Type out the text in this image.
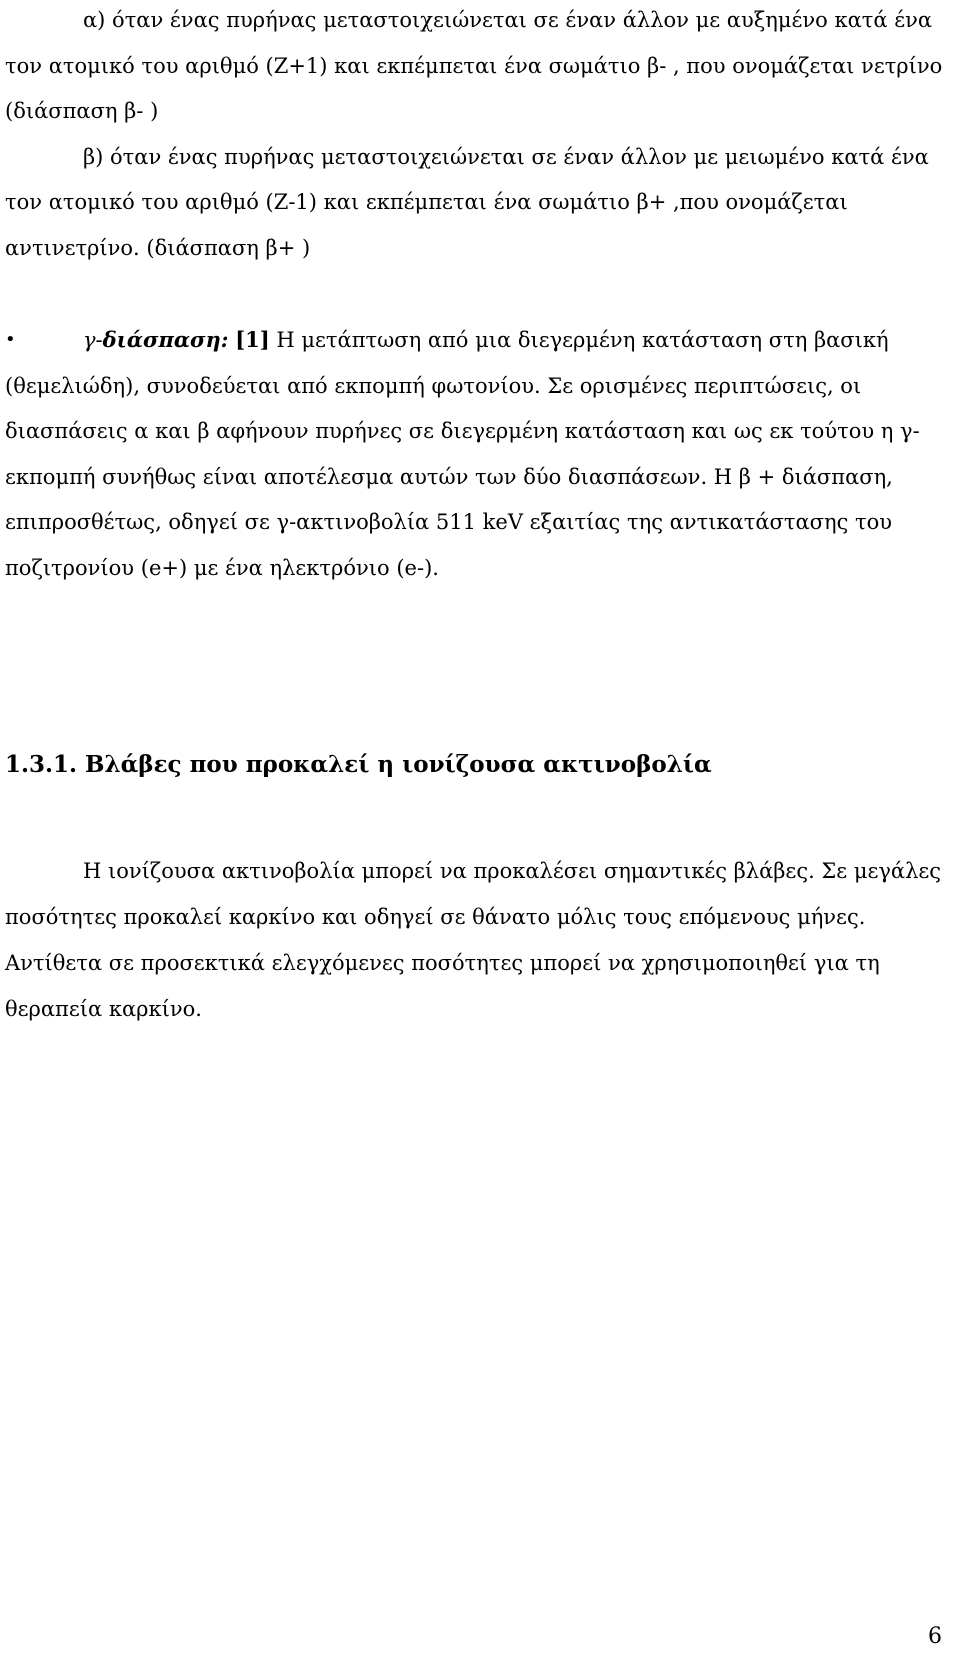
α) όταν ένας πυρήνας μεταστοιχειώνεται σε έναν άλλον με αυξημένο κατά ένα
τον ατομικό του αριθμό (Z+1) και εκπέμπεται ένα σωμάτιο β- , που ονομάζεται νετρίνο
(διάσπαση β- )
β) όταν ένας πυρήνας μεταστοιχειώνεται σε έναν άλλον με μειωμένο κατά ένα
τον ατομικό του αριθμό (Z-1) και εκπέμπεται ένα σωμάτιο β+ ,που ονομάζεται
αντινετρίνο. (διάσπαση β+ )
•	γ-διάσπαση: [1] Η μετάπτωση από μια διεγερμένη κατάσταση στη βασική
(θεμελιώδη), συνοδεύεται από εκπομπή φωτονίου. Σε ορισμένες περιπτώσεις, οι
διασπάσεις α και β αφήνουν πυρήνες σε διεγερμένη κατάσταση και ως εκ τούτου η γ-
εκπομπή συνήθως είναι αποτέλεσμα αυτών των δύο διασπάσεων. Η β + διάσπαση,
επιπροσθέτως, οδηγεί σε γ-ακτινοβολία 511 keV εξαιτίας της αντικατάστασης του
ποζιτρονίου (e+) με ένα ηλεκτρόνιο (e-).
1.3.1. Βλάβες που προκαλεί η ιονίζουσα ακτινοβολία
Η ιονίζουσα ακτινοβολία μπορεί να προκαλέσει σημαντικές βλάβες. Σε μεγάλες
ποσότητες προκαλεί καρκίνο και οδηγεί σε θάνατο μόλις τους επόμενους μήνες.
Αντίθετα σε προσεκτικά ελεγχόμενες ποσότητες μπορεί να χρησιμοποιηθεί για τη
θεραπεία καρκίνο.
6
